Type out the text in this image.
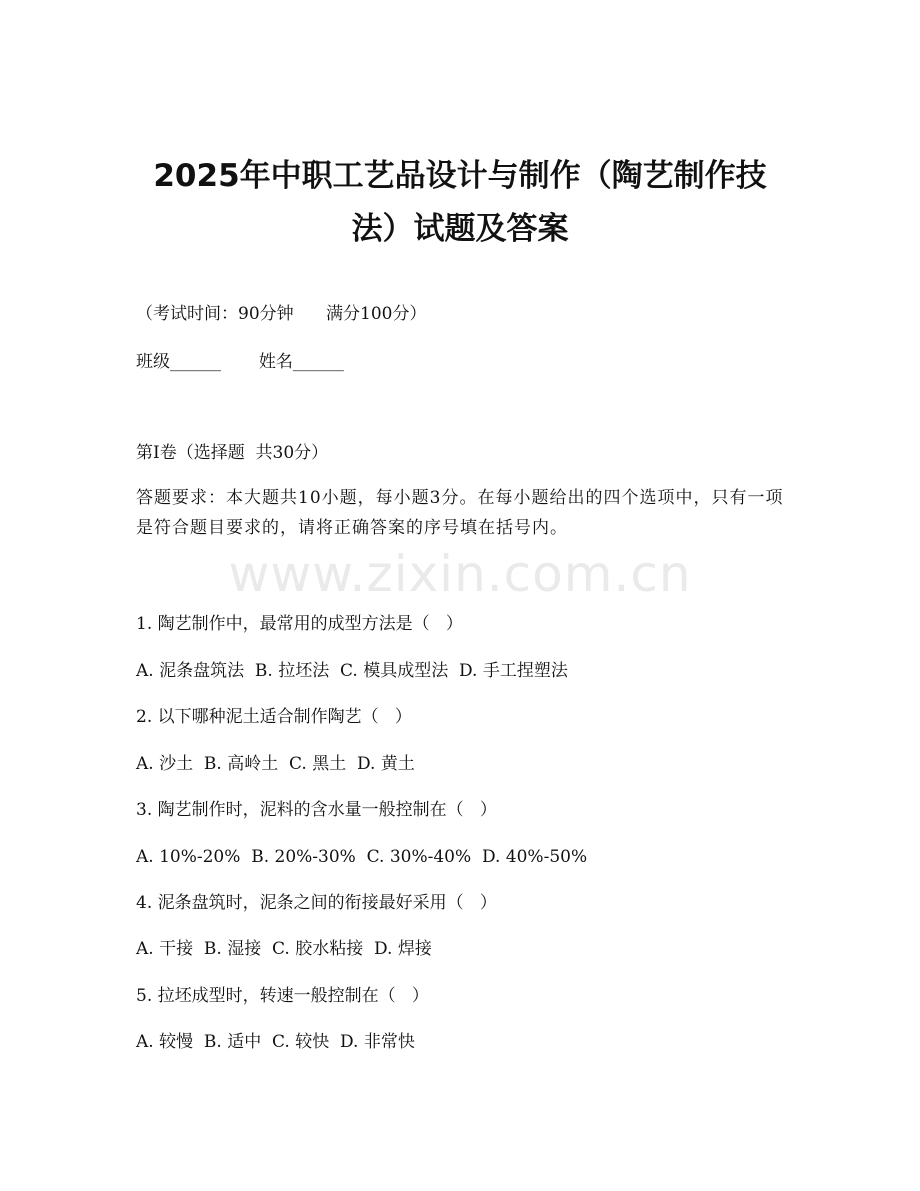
2025年中职工艺品设计与制作（陶艺制作技
法）试题及答案
（考试时间：90分钟      满分100分）
班级______       姓名______
第I卷（选择题  共30分）
答题要求：本大题共10小题，每小题3分。在每小题给出的四个选项中，只有一项是符合题目要求的，请将正确答案的序号填在括号内。
www.zixin.com.cn
1. 陶艺制作中，最常用的成型方法是（   ）
A. 泥条盘筑法  B. 拉坯法  C. 模具成型法  D. 手工捏塑法
2. 以下哪种泥土适合制作陶艺（   ）
A. 沙土  B. 高岭土  C. 黑土  D. 黄土
3. 陶艺制作时，泥料的含水量一般控制在（   ）
A. 10%-20%  B. 20%-30%  C. 30%-40%  D. 40%-50%
4. 泥条盘筑时，泥条之间的衔接最好采用（   ）
A. 干接  B. 湿接  C. 胶水粘接  D. 焊接
5. 拉坯成型时，转速一般控制在（   ）
A. 较慢  B. 适中  C. 较快  D. 非常快
